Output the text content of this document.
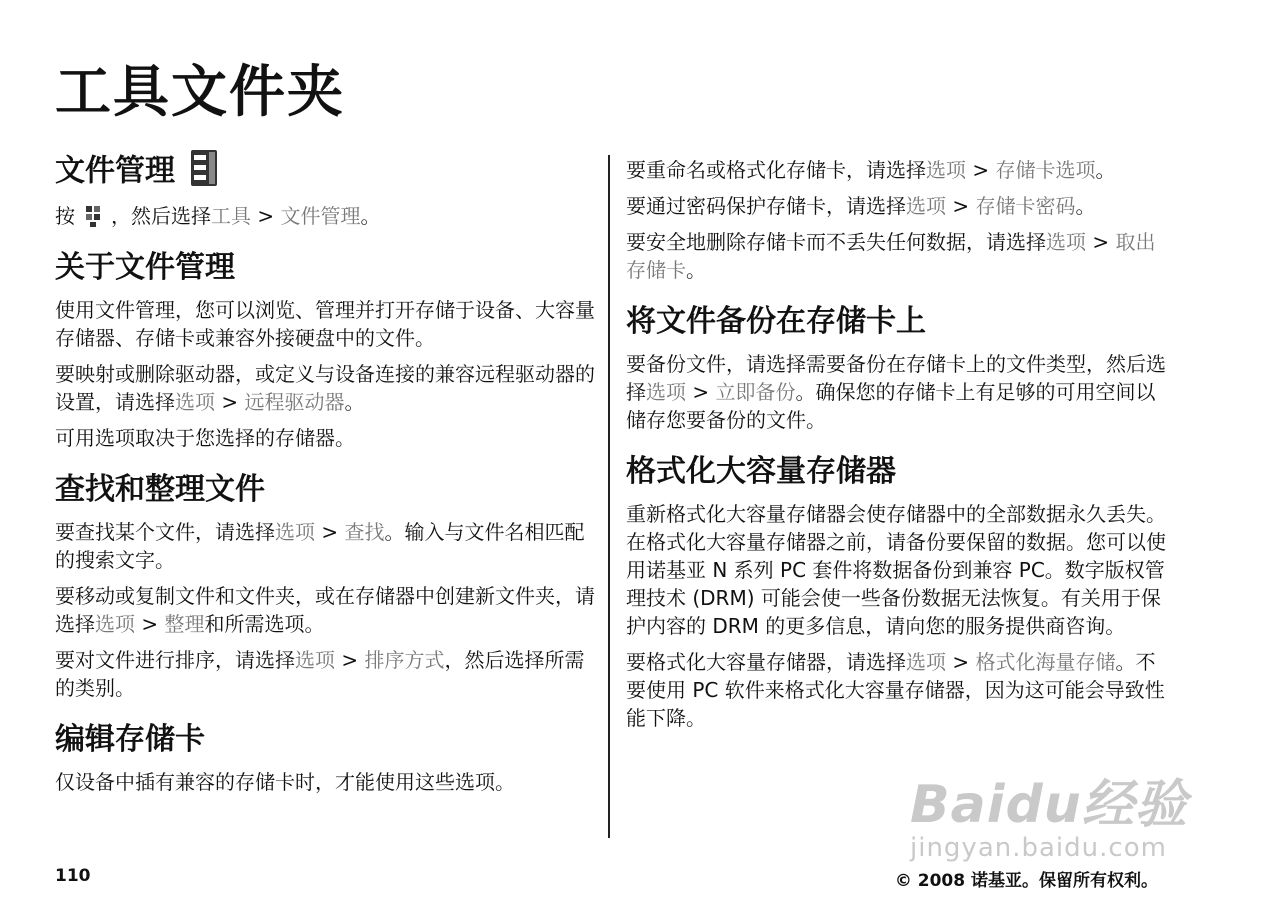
工具文件夹
文件管理

按 ，然后选择工具 > 文件管理。

关于文件管理

使用文件管理，您可以浏览、管理并打开存储于设备、大容量存储器、存储卡或兼容外接硬盘中的文件。

要映射或删除驱动器，或定义与设备连接的兼容远程驱动器的设置，请选择选项 > 远程驱动器。

可用选项取决于您选择的存储器。

查找和整理文件

要查找某个文件，请选择选项 > 查找。输入与文件名相匹配的搜索文字。

要移动或复制文件和文件夹，或在存储器中创建新文件夹，请选择选项 > 整理和所需选项。

要对文件进行排序，请选择选项 > 排序方式，然后选择所需的类别。

编辑存储卡

仅设备中插有兼容的存储卡时，才能使用这些选项。

要重命名或格式化存储卡，请选择选项 > 存储卡选项。

要通过密码保护存储卡，请选择选项 > 存储卡密码。

要安全地删除存储卡而不丢失任何数据，请选择选项 > 取出存储卡。

将文件备份在存储卡上

要备份文件，请选择需要备份在存储卡上的文件类型，然后选择选项 > 立即备份。确保您的存储卡上有足够的可用空间以储存您要备份的文件。

格式化大容量存储器

重新格式化大容量存储器会使存储器中的全部数据永久丢失。在格式化大容量存储器之前，请备份要保留的数据。您可以使用诺基亚 N 系列 PC 套件将数据备份到兼容 PC。数字版权管理技术 (DRM) 可能会使一些备份数据无法恢复。有关用于保护内容的 DRM 的更多信息，请向您的服务提供商咨询。

要格式化大容量存储器，请选择选项 > 格式化海量存储。不要使用 PC 软件来格式化大容量存储器，因为这可能会导致性能下降。

Baidu经验
jingyan.baidu.com
110	© 2008 诺基亚。保留所有权利。
